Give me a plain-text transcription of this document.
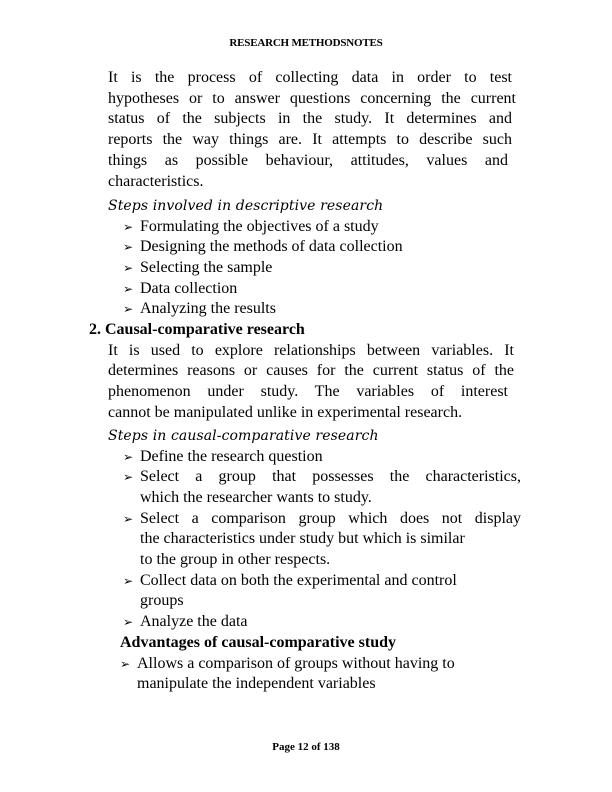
RESEARCH METHODSNOTES
It is the process of collecting data in order to test
hypotheses or to answer questions concerning the current
status of the subjects in the study. It determines and
reports the way things are. It attempts to describe such
things as possible behaviour, attitudes, values and
characteristics.
Steps involved in descriptive research
➢ Formulating the objectives of a study
➢ Designing the methods of data collection
➢ Selecting the sample
➢ Data collection
➢ Analyzing the results
2. Causal-comparative research
It is used to explore relationships between variables. It
determines reasons or causes for the current status of the
phenomenon under study. The variables of interest
cannot be manipulated unlike in experimental research.
Steps in causal-comparative research
➢ Define the research question
➢ Select a group that possesses the characteristics,
which the researcher wants to study.
➢ Select a comparison group which does not display
the characteristics under study but which is similar
to the group in other respects.
➢ Collect data on both the experimental and control
groups
➢ Analyze the data
Advantages of causal-comparative study
➢ Allows a comparison of groups without having to
manipulate the independent variables
Page 12 of 138
